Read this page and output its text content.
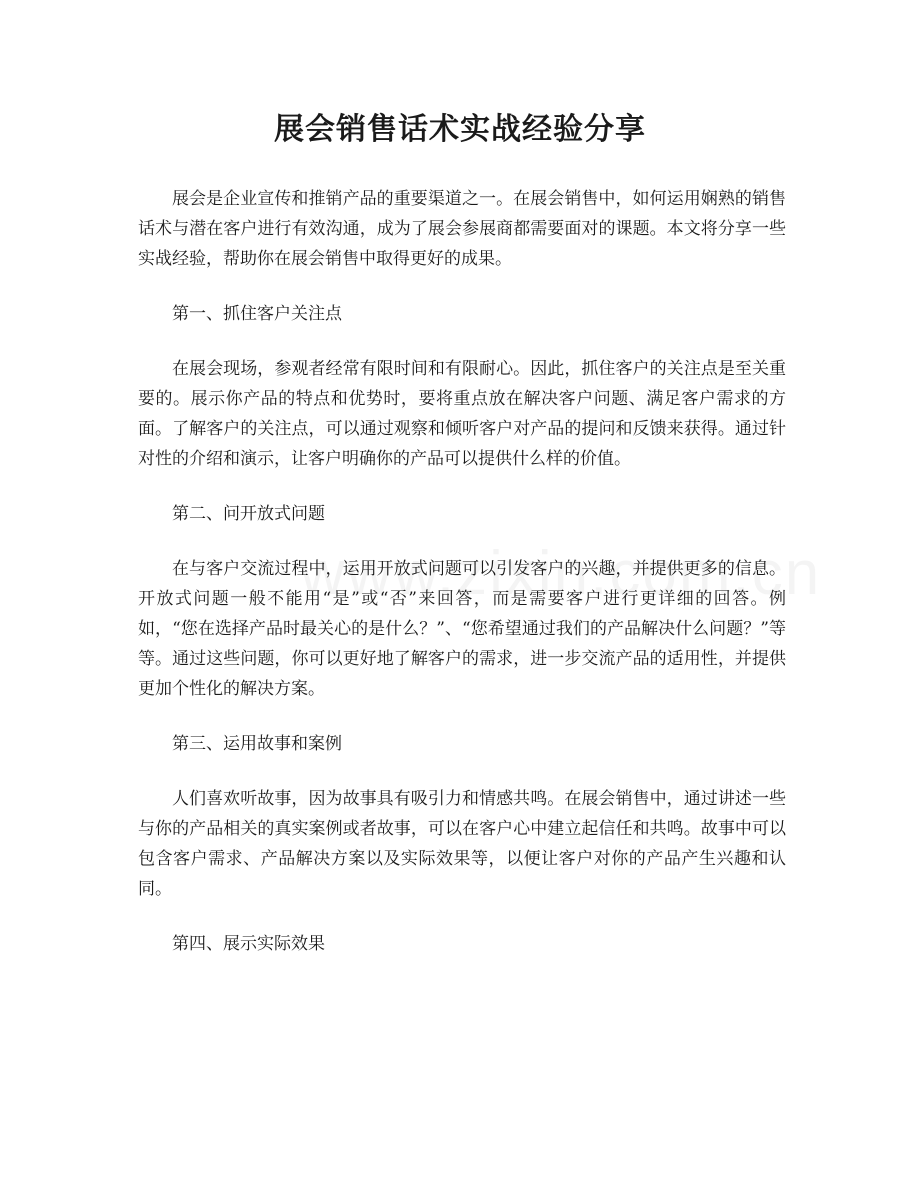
展会销售话术实战经验分享

展会是企业宣传和推销产品的重要渠道之一。在展会销售中，如何运用娴熟的销售话术与潜在客户进行有效沟通，成为了展会参展商都需要面对的课题。本文将分享一些实战经验，帮助你在展会销售中取得更好的成果。

第一、抓住客户关注点

在展会现场，参观者经常有限时间和有限耐心。因此，抓住客户的关注点是至关重要的。展示你产品的特点和优势时，要将重点放在解决客户问题、满足客户需求的方面。了解客户的关注点，可以通过观察和倾听客户对产品的提问和反馈来获得。通过针对性的介绍和演示，让客户明确你的产品可以提供什么样的价值。

第二、问开放式问题

在与客户交流过程中，运用开放式问题可以引发客户的兴趣，并提供更多的信息。开放式问题一般不能用“是”或“否”来回答，而是需要客户进行更详细的回答。例如，“您在选择产品时最关心的是什么？”、“您希望通过我们的产品解决什么问题？”等等。通过这些问题，你可以更好地了解客户的需求，进一步交流产品的适用性，并提供更加个性化的解决方案。

第三、运用故事和案例

人们喜欢听故事，因为故事具有吸引力和情感共鸣。在展会销售中，通过讲述一些与你的产品相关的真实案例或者故事，可以在客户心中建立起信任和共鸣。故事中可以包含客户需求、产品解决方案以及实际效果等，以便让客户对你的产品产生兴趣和认同。

第四、展示实际效果
